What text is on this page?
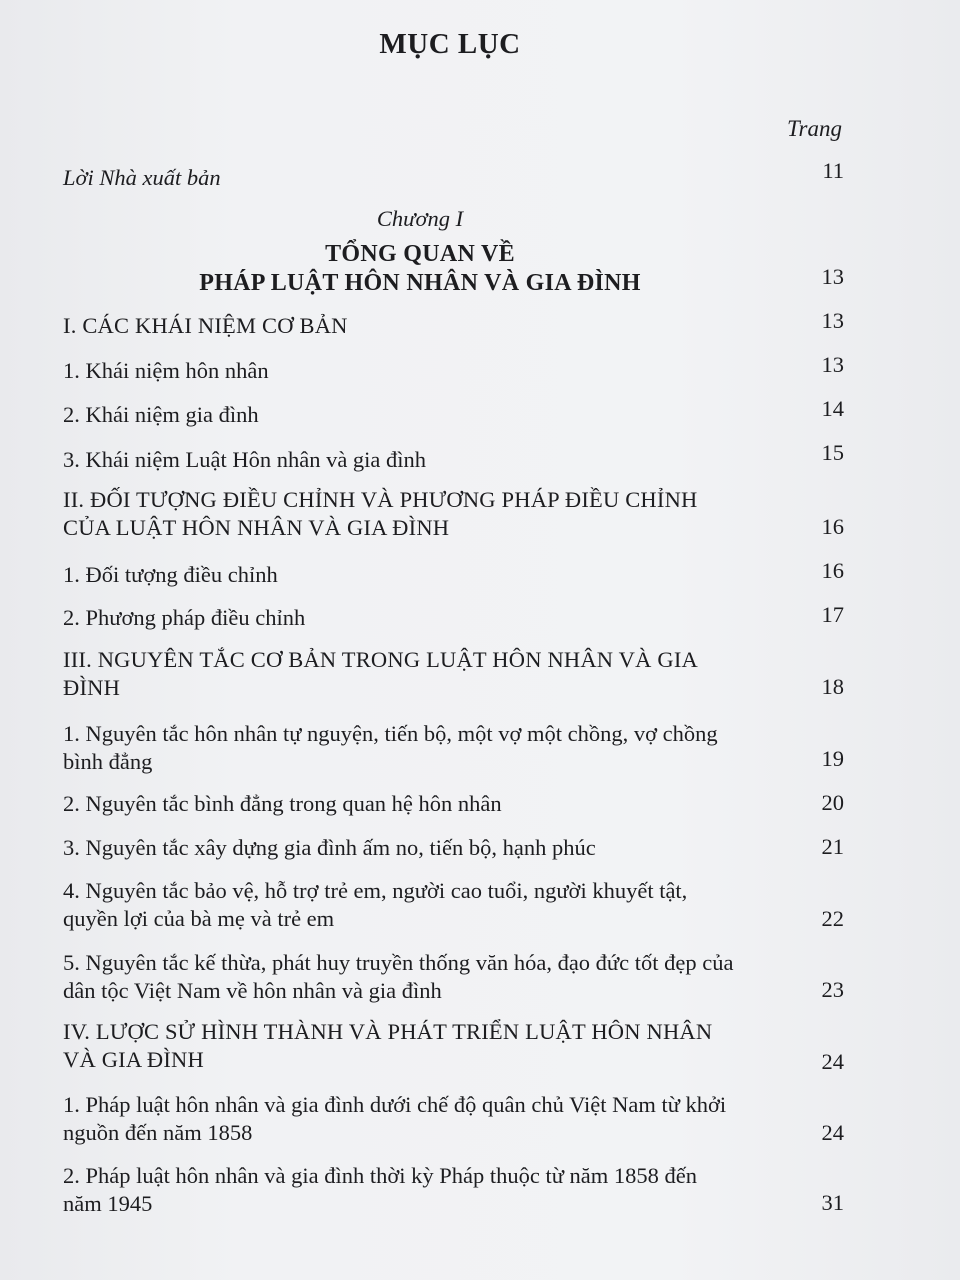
MỤC LỤC
Trang
Lời Nhà xuất bản	11
Chương I
TỔNG QUAN VỀ
PHÁP LUẬT HÔN NHÂN VÀ GIA ĐÌNH	13
I. CÁC KHÁI NIỆM CƠ BẢN	13
1. Khái niệm hôn nhân	13
2. Khái niệm gia đình	14
3. Khái niệm Luật Hôn nhân và gia đình	15
II. ĐỐI TƯỢNG ĐIỀU CHỈNH VÀ PHƯƠNG PHÁP ĐIỀU CHỈNH CỦA LUẬT HÔN NHÂN VÀ GIA ĐÌNH	16
1. Đối tượng điều chỉnh	16
2. Phương pháp điều chỉnh	17
III. NGUYÊN TẮC CƠ BẢN TRONG LUẬT HÔN NHÂN VÀ GIA ĐÌNH	18
1. Nguyên tắc hôn nhân tự nguyện, tiến bộ, một vợ một chồng, vợ chồng bình đẳng	19
2. Nguyên tắc bình đẳng trong quan hệ hôn nhân	20
3. Nguyên tắc xây dựng gia đình ấm no, tiến bộ, hạnh phúc	21
4. Nguyên tắc bảo vệ, hỗ trợ trẻ em, người cao tuổi, người khuyết tật, quyền lợi của bà mẹ và trẻ em	22
5. Nguyên tắc kế thừa, phát huy truyền thống văn hóa, đạo đức tốt đẹp của dân tộc Việt Nam về hôn nhân và gia đình	23
IV. LƯỢC SỬ HÌNH THÀNH VÀ PHÁT TRIỂN LUẬT HÔN NHÂN VÀ GIA ĐÌNH	24
1. Pháp luật hôn nhân và gia đình dưới chế độ quân chủ Việt Nam từ khởi nguồn đến năm 1858	24
2. Pháp luật hôn nhân và gia đình thời kỳ Pháp thuộc từ năm 1858 đến năm 1945	31
